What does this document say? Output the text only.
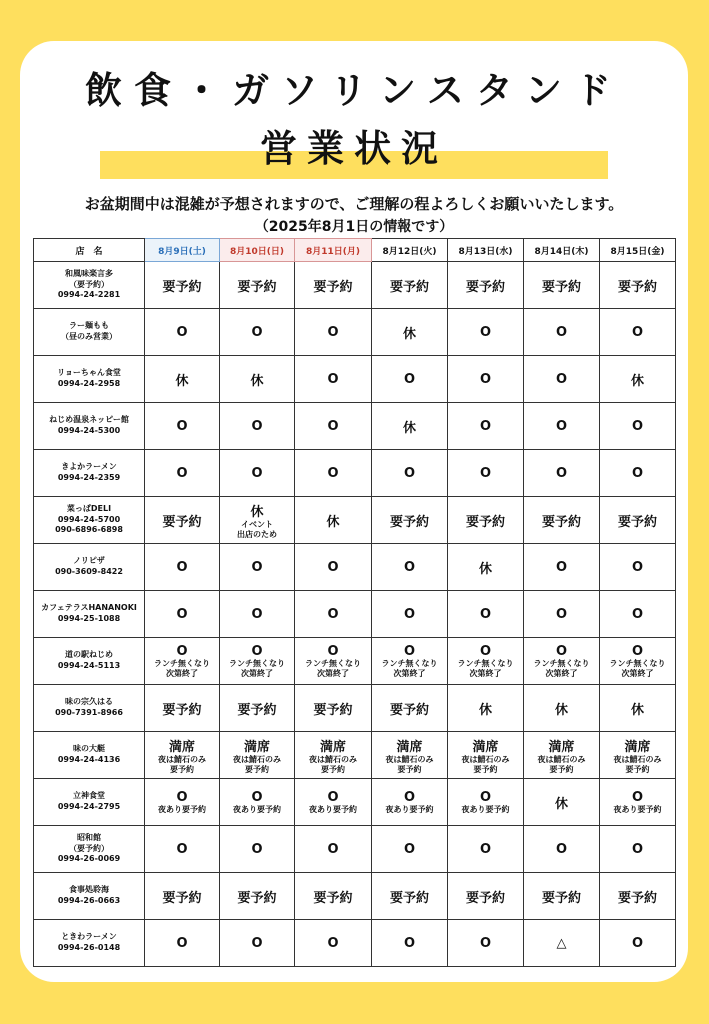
飲食・ガソリンスタンド
営業状況
お盆期間中は混雑が予想されますので、ご理解の程よろしくお願いいたします。
（2025年8月1日の情報です）
店　名	8月9日(土)	8月10日(日)	8月11日(月)	8月12日(火)	8月13日(水)	8月14日(木)	8月15日(金)

和風味楽言多
（要予約）
0994-24-2281	要予約	要予約	要予約	要予約	要予約	要予約	要予約

ラー麺もも
（昼のみ営業）	O	O	O	休	O	O	O

リョーちゃん食堂
0994-24-2958	休	休	O	O	O	O	休

ねじめ温泉ネッピー館
0994-24-5300	O	O	O	休	O	O	O

きよかラーメン
0994-24-2359	O	O	O	O	O	O	O

菜っぱDELI
0994-24-5700
090-6896-6898	要予約	休
イベント
出店のため	休	要予約	要予約	要予約	要予約

ノリピザ
090-3609-8422	O	O	O	O	休	O	O

カフェテラスHANANOKI
0994-25-1088	O	O	O	O	O	O	O

道の駅ねじめ
0994-24-5113	O
ランチ無くなり
次第終了	O
ランチ無くなり
次第終了	O
ランチ無くなり
次第終了	O
ランチ無くなり
次第終了	O
ランチ無くなり
次第終了	O
ランチ無くなり
次第終了	O
ランチ無くなり
次第終了

味の宗久はる
090-7391-8966	要予約	要予約	要予約	要予約	休	休	休

味の大艇
0994-24-4136	満席
夜は鯖石のみ
要予約	満席
夜は鯖石のみ
要予約	満席
夜は鯖石のみ
要予約	満席
夜は鯖石のみ
要予約	満席
夜は鯖石のみ
要予約	満席
夜は鯖石のみ
要予約	満席
夜は鯖石のみ
要予約

立神食堂
0994-24-2795	O
夜あり要予約	O
夜あり要予約	O
夜あり要予約	O
夜あり要予約	O
夜あり要予約	休	O
夜あり要予約

昭和館
（要予約）
0994-26-0069	O	O	O	O	O	O	O

食事処聆海
0994-26-0663	要予約	要予約	要予約	要予約	要予約	要予約	要予約

ときわラーメン
0994-26-0148	O	O	O	O	O	△	O
